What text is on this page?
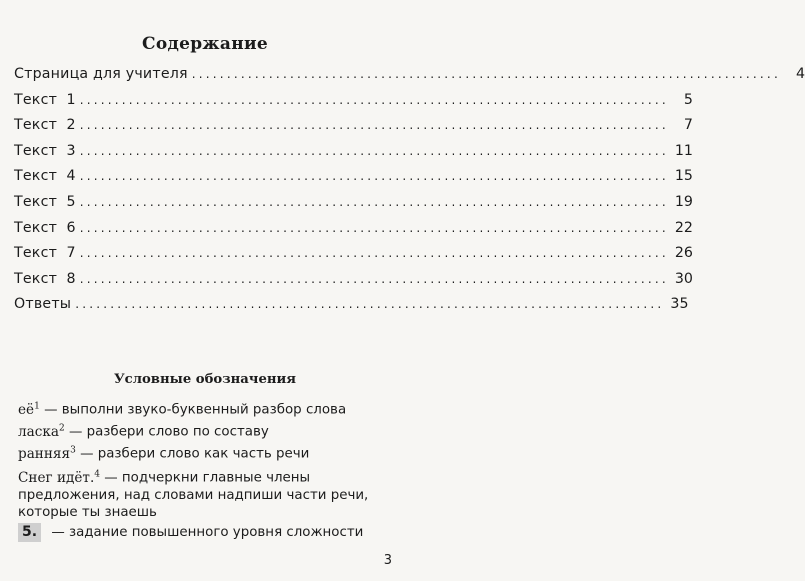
Содержание
Страница для учителя ....................................................................................	4
Текст  1 ....................................................................................	5
Текст  2 ....................................................................................	7
Текст  3 .................................................................................... 11
Текст  4 .................................................................................... 15
Текст  5 .................................................................................... 19
Текст  6 .................................................................................... 22
Текст  7 .................................................................................... 26
Текст  8 .................................................................................... 30
Ответы .................................................................................... 35
Условные обозначения
$её^1$ — выполни звуко-буквенный разбор слова
ласка$^2$ — разбери слово по составу
ранняя$^3$ — разбери слово как часть речи
Снег идёт.$^4$ — подчеркни главные члены
предложения, над словами надпиши части речи,
которые ты знаешь
5. — задание повышенного уровня сложности
3
